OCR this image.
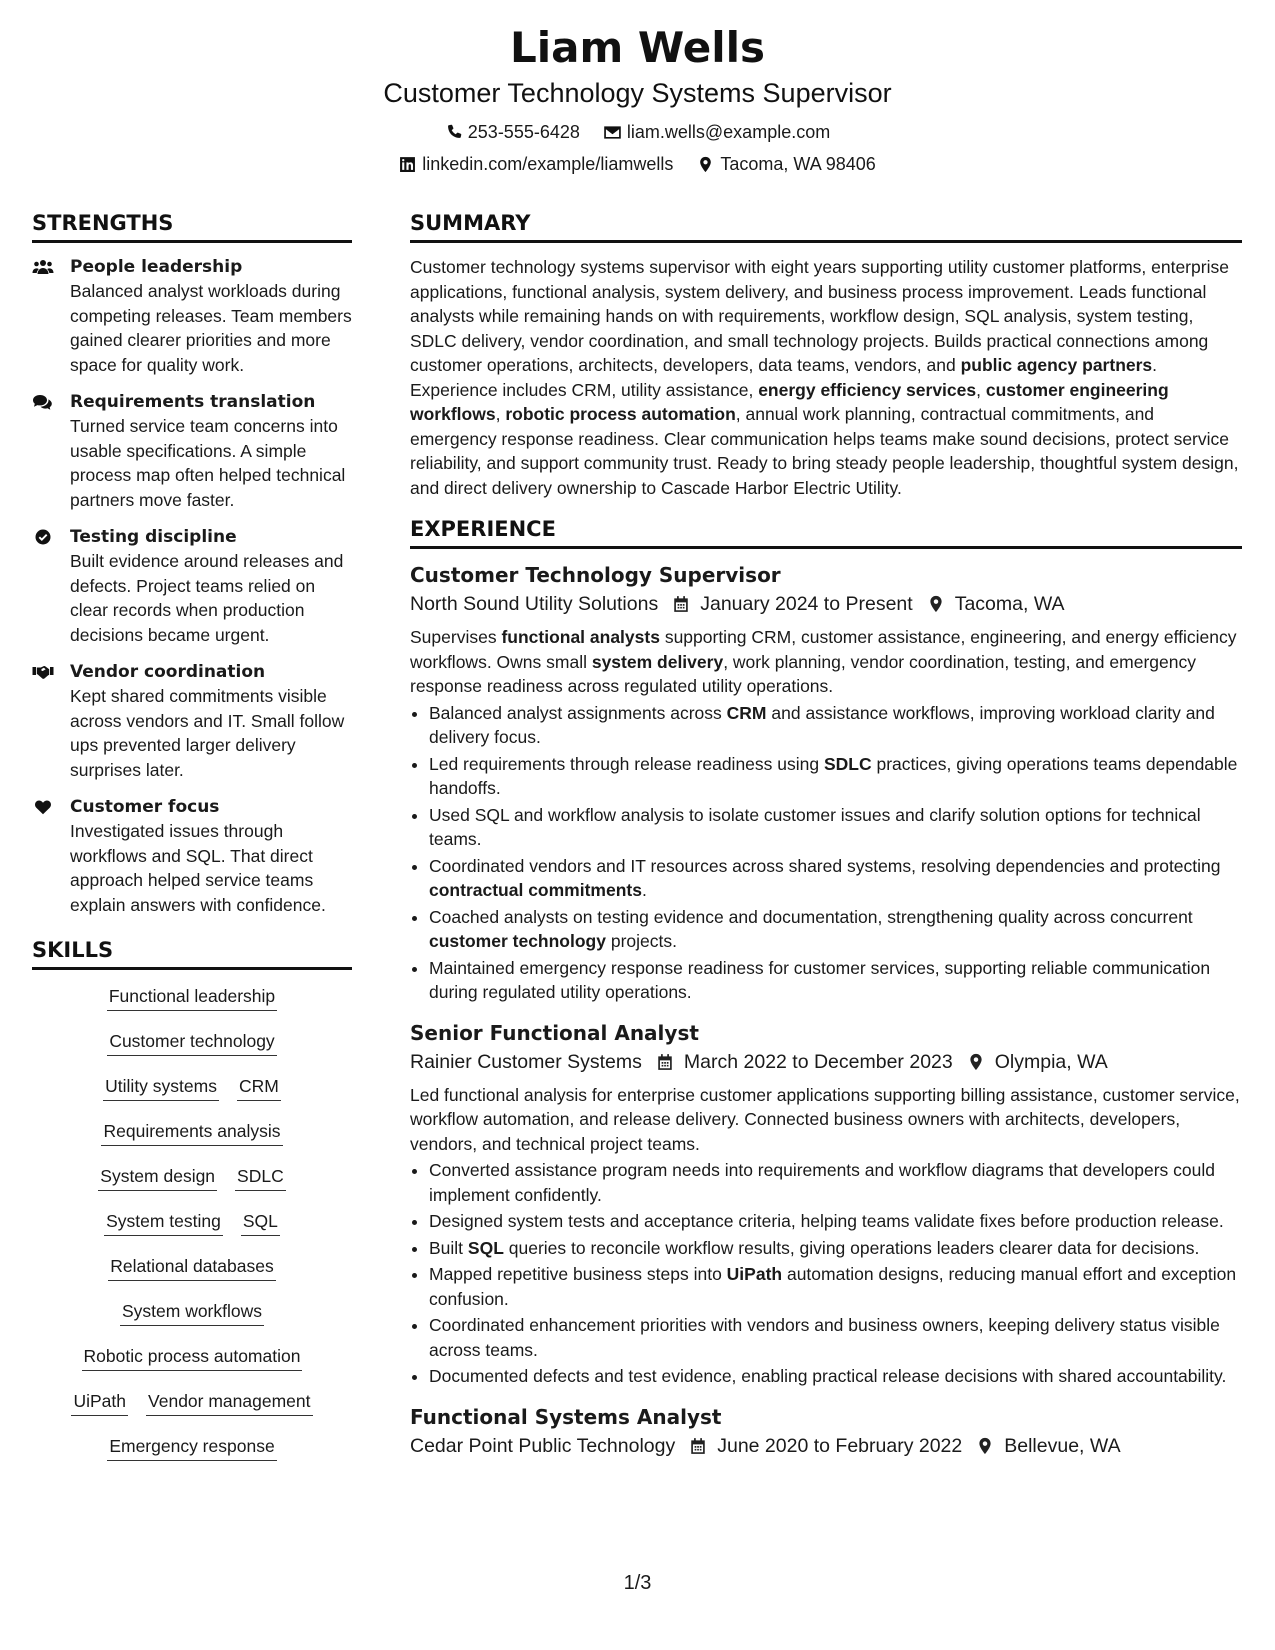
Liam Wells
Customer Technology Systems Supervisor
253-555-6428	liam.wells@example.com
linkedin.com/example/liamwells	Tacoma, WA 98406
STRENGTHS
People leadership
Balanced analyst workloads during competing releases. Team members gained clearer priorities and more space for quality work.
Requirements translation
Turned service team concerns into usable specifications. A simple process map often helped technical partners move faster.
Testing discipline
Built evidence around releases and defects. Project teams relied on clear records when production decisions became urgent.
Vendor coordination
Kept shared commitments visible across vendors and IT. Small follow ups prevented larger delivery surprises later.
Customer focus
Investigated issues through workflows and SQL. That direct approach helped service teams explain answers with confidence.
SKILLS
Functional leadership
Customer technology
Utility systems CRM
Requirements analysis
System design SDLC
System testing SQL
Relational databases
System workflows
Robotic process automation
UiPath Vendor management
Emergency response
SUMMARY

Customer technology systems supervisor with eight years supporting utility customer platforms, enterprise applications, functional analysis, system delivery, and business process improvement. Leads functional analysts while remaining hands on with requirements, workflow design, SQL analysis, system testing, SDLC delivery, vendor coordination, and small technology projects. Builds practical connections among customer operations, architects, developers, data teams, vendors, and public agency partners. Experience includes CRM, utility assistance, energy efficiency services, customer engineering workflows, robotic process automation, annual work planning, contractual commitments, and emergency response readiness. Clear communication helps teams make sound decisions, protect service reliability, and support community trust. Ready to bring steady people leadership, thoughtful system design, and direct delivery ownership to Cascade Harbor Electric Utility.

EXPERIENCE
Customer Technology Supervisor
North Sound Utility Solutions January 2024 to Present Tacoma, WA
Supervises functional analysts supporting CRM, customer assistance, engineering, and energy efficiency workflows. Owns small system delivery, work planning, vendor coordination, testing, and emergency response readiness across regulated utility operations.
• Balanced analyst assignments across CRM and assistance workflows, improving workload clarity and delivery focus.
• Led requirements through release readiness using SDLC practices, giving operations teams dependable handoffs.
• Used SQL and workflow analysis to isolate customer issues and clarify solution options for technical teams.
• Coordinated vendors and IT resources across shared systems, resolving dependencies and protecting contractual commitments.
• Coached analysts on testing evidence and documentation, strengthening quality across concurrent customer technology projects.
• Maintained emergency response readiness for customer services, supporting reliable communication during regulated utility operations.
Senior Functional Analyst
Rainier Customer Systems March 2022 to December 2023 Olympia, WA
Led functional analysis for enterprise customer applications supporting billing assistance, customer service, workflow automation, and release delivery. Connected business owners with architects, developers, vendors, and technical project teams.
• Converted assistance program needs into requirements and workflow diagrams that developers could implement confidently.
• Designed system tests and acceptance criteria, helping teams validate fixes before production release.
• Built SQL queries to reconcile workflow results, giving operations leaders clearer data for decisions.
• Mapped repetitive business steps into UiPath automation designs, reducing manual effort and exception confusion.
• Coordinated enhancement priorities with vendors and business owners, keeping delivery status visible across teams.
• Documented defects and test evidence, enabling practical release decisions with shared accountability.
Functional Systems Analyst
Cedar Point Public Technology June 2020 to February 2022 Bellevue, WA
1/3
